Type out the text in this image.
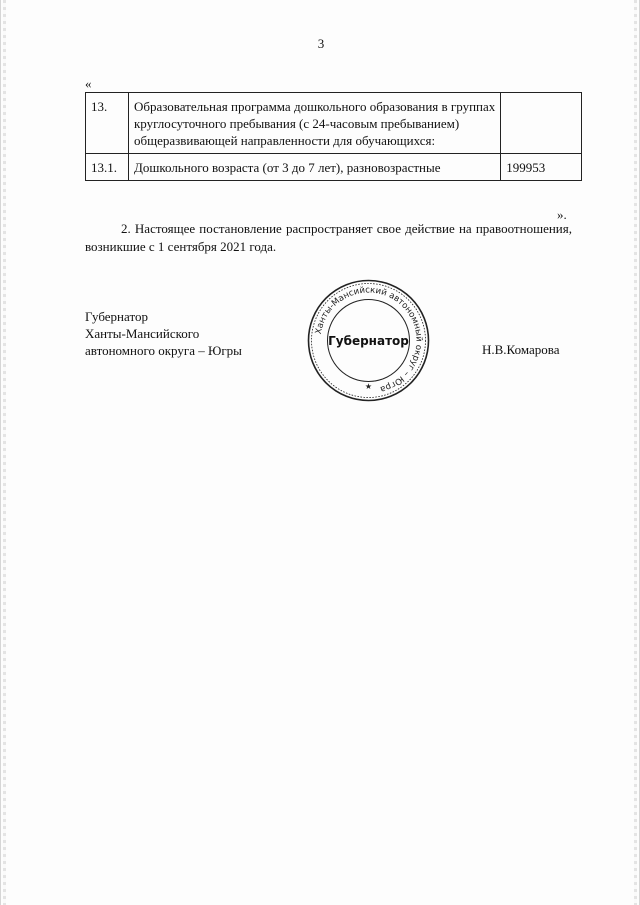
3
«
13.	Образовательная программа дошкольного образования в группах круглосуточного пребывания (с 24-часовым пребыванием) общеразвивающей направленности для обучающихся:	
13.1.	Дошкольного возраста (от 3 до 7 лет), разновозрастные	199953
».
2. Настоящее постановление распространяет свое действие на правоотношения, возникшие с 1 сентября 2021 года.
Губернатор
Ханты-Мансийского
автономного округа – Югры
Ханты-Мансийский автономный округ – Югра
Губернатор
★
Н.В.Комарова
